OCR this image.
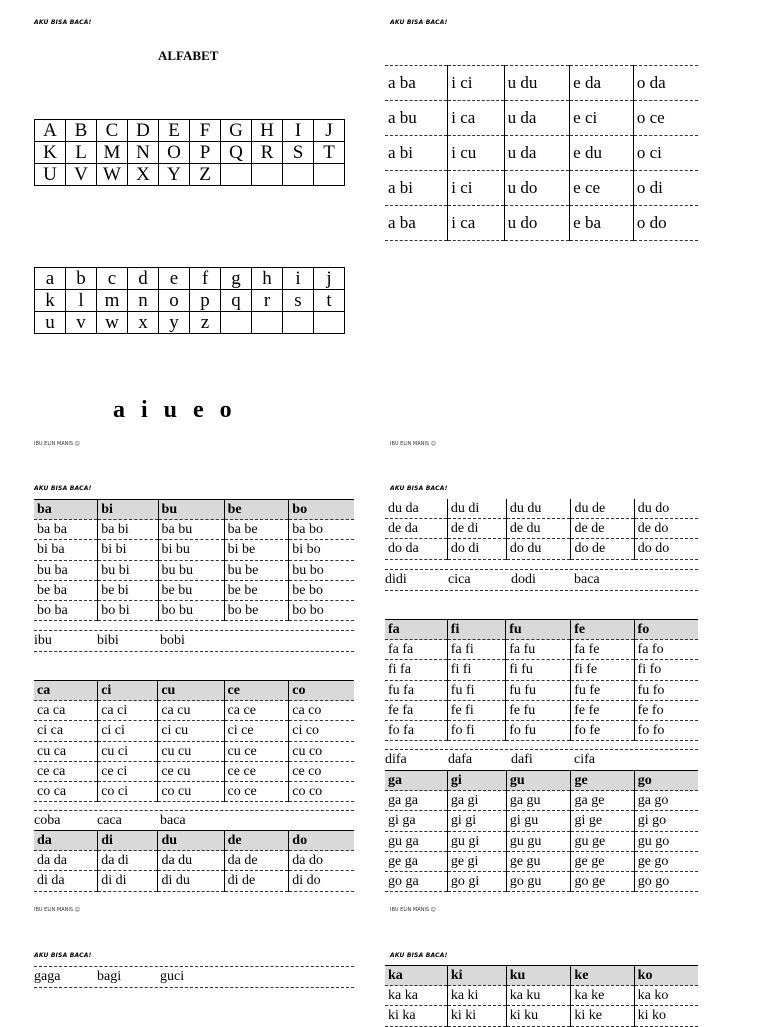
AKU BISA BACA!
ALFABET
A	B	C	D	E	F	G	H	I	J
K	L	M	N	O	P	Q	R	S	T
U	V	W	X	Y	Z				
a	b	c	d	e	f	g	h	i	j
k	l	m	n	o	p	q	r	s	t
u	v	w	x	y	z				
a i u e o
IBU ELIN MANIS ☺
AKU BISA BACA!
a ba	i ci	u du	e da	o da
a bu	i ca	u da	e ci	o ce
a bi	i cu	u da	e du	o ci
a bi	i ci	u do	e ce	o di
a ba	i ca	u do	e ba	o do
IBU ELIN MANIS ☺
AKU BISA BACA!
ba	bi	bu	be	bo
ba ba	ba bi	ba bu	ba be	ba bo
bi ba	bi bi	bi bu	bi be	bi bo
bu ba	bu bi	bu bu	bu be	bu bo
be ba	be bi	be bu	be be	be bo
bo ba	bo bi	bo bu	bo be	bo bo
ibu	bibi	bobi
ca	ci	cu	ce	co
ca ca	ca ci	ca cu	ca ce	ca co
ci ca	ci ci	ci cu	ci ce	ci co
cu ca	cu ci	cu cu	cu ce	cu co
ce ca	ce ci	ce cu	ce ce	ce co
co ca	co ci	co cu	co ce	co co
coba	caca	baca
da	di	du	de	do
da da	da di	da du	da de	da do
di da	di di	di du	di de	di do
IBU ELIN MANIS ☺
AKU BISA BACA!
du da	du di	du du	du de	du do
de da	de di	de du	de de	de do
do da	do di	do du	do de	do do
didi	cica	dodi	baca
fa	fi	fu	fe	fo
fa fa	fa fi	fa fu	fa fe	fa fo
fi fa	fi fi	fi fu	fi fe	fi fo
fu fa	fu fi	fu fu	fu fe	fu fo
fe fa	fe fi	fe fu	fe fe	fe fo
fo fa	fo fi	fo fu	fo fe	fo fo
difa	dafa	dafi	cifa
ga	gi	gu	ge	go
ga ga	ga gi	ga gu	ga ge	ga go
gi ga	gi gi	gi gu	gi ge	gi go
gu ga	gu gi	gu gu	gu ge	gu go
ge ga	ge gi	ge gu	ge ge	ge go
go ga	go gi	go gu	go ge	go go
IBU ELIN MANIS ☺
AKU BISA BACA!
gaga	bagi	guci
AKU BISA BACA!
ka	ki	ku	ke	ko
ka ka	ka ki	ka ku	ka ke	ka ko
ki ka	ki ki	ki ku	ki ke	ki ko
